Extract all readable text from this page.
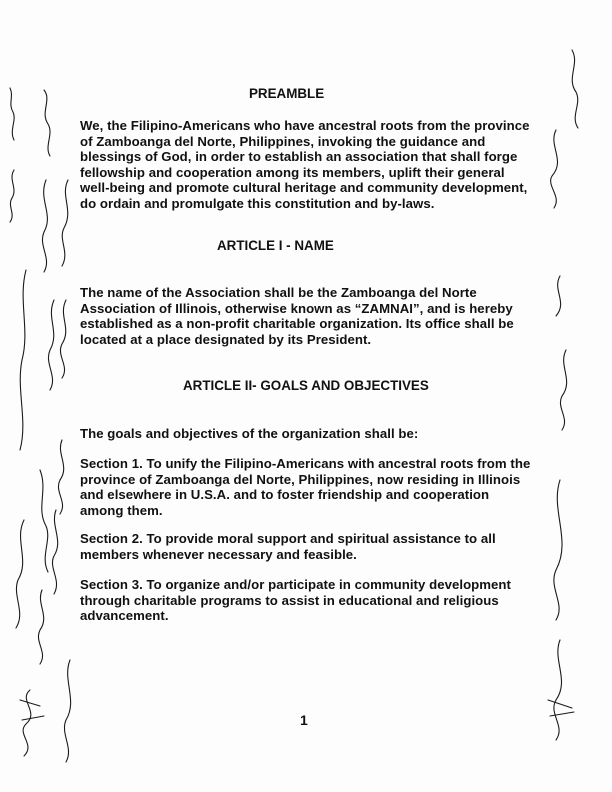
PREAMBLE

We, the Filipino-Americans who have ancestral roots from the province of Zamboanga del Norte, Philippines, invoking the guidance and blessings of God, in order to establish an association that shall forge fellowship and cooperation among its members, uplift their general well-being and promote cultural heritage and community development, do ordain and promulgate this constitution and by-laws.

ARTICLE I - NAME

The name of the Association shall be the Zamboanga del Norte Association of Illinois, otherwise known as “ZAMNAI”, and is hereby established as a non-profit charitable organization. Its office shall be located at a place designated by its President.

ARTICLE II- GOALS AND OBJECTIVES

The goals and objectives of the organization shall be:

Section 1. To unify the Filipino-Americans with ancestral roots from the province of Zamboanga del Norte, Philippines, now residing in Illinois and elsewhere in U.S.A. and to foster friendship and cooperation among them.

Section 2. To provide moral support and spiritual assistance to all members whenever necessary and feasible.

Section 3. To organize and/or participate in community development through charitable programs to assist in educational and religious advancement.

1
